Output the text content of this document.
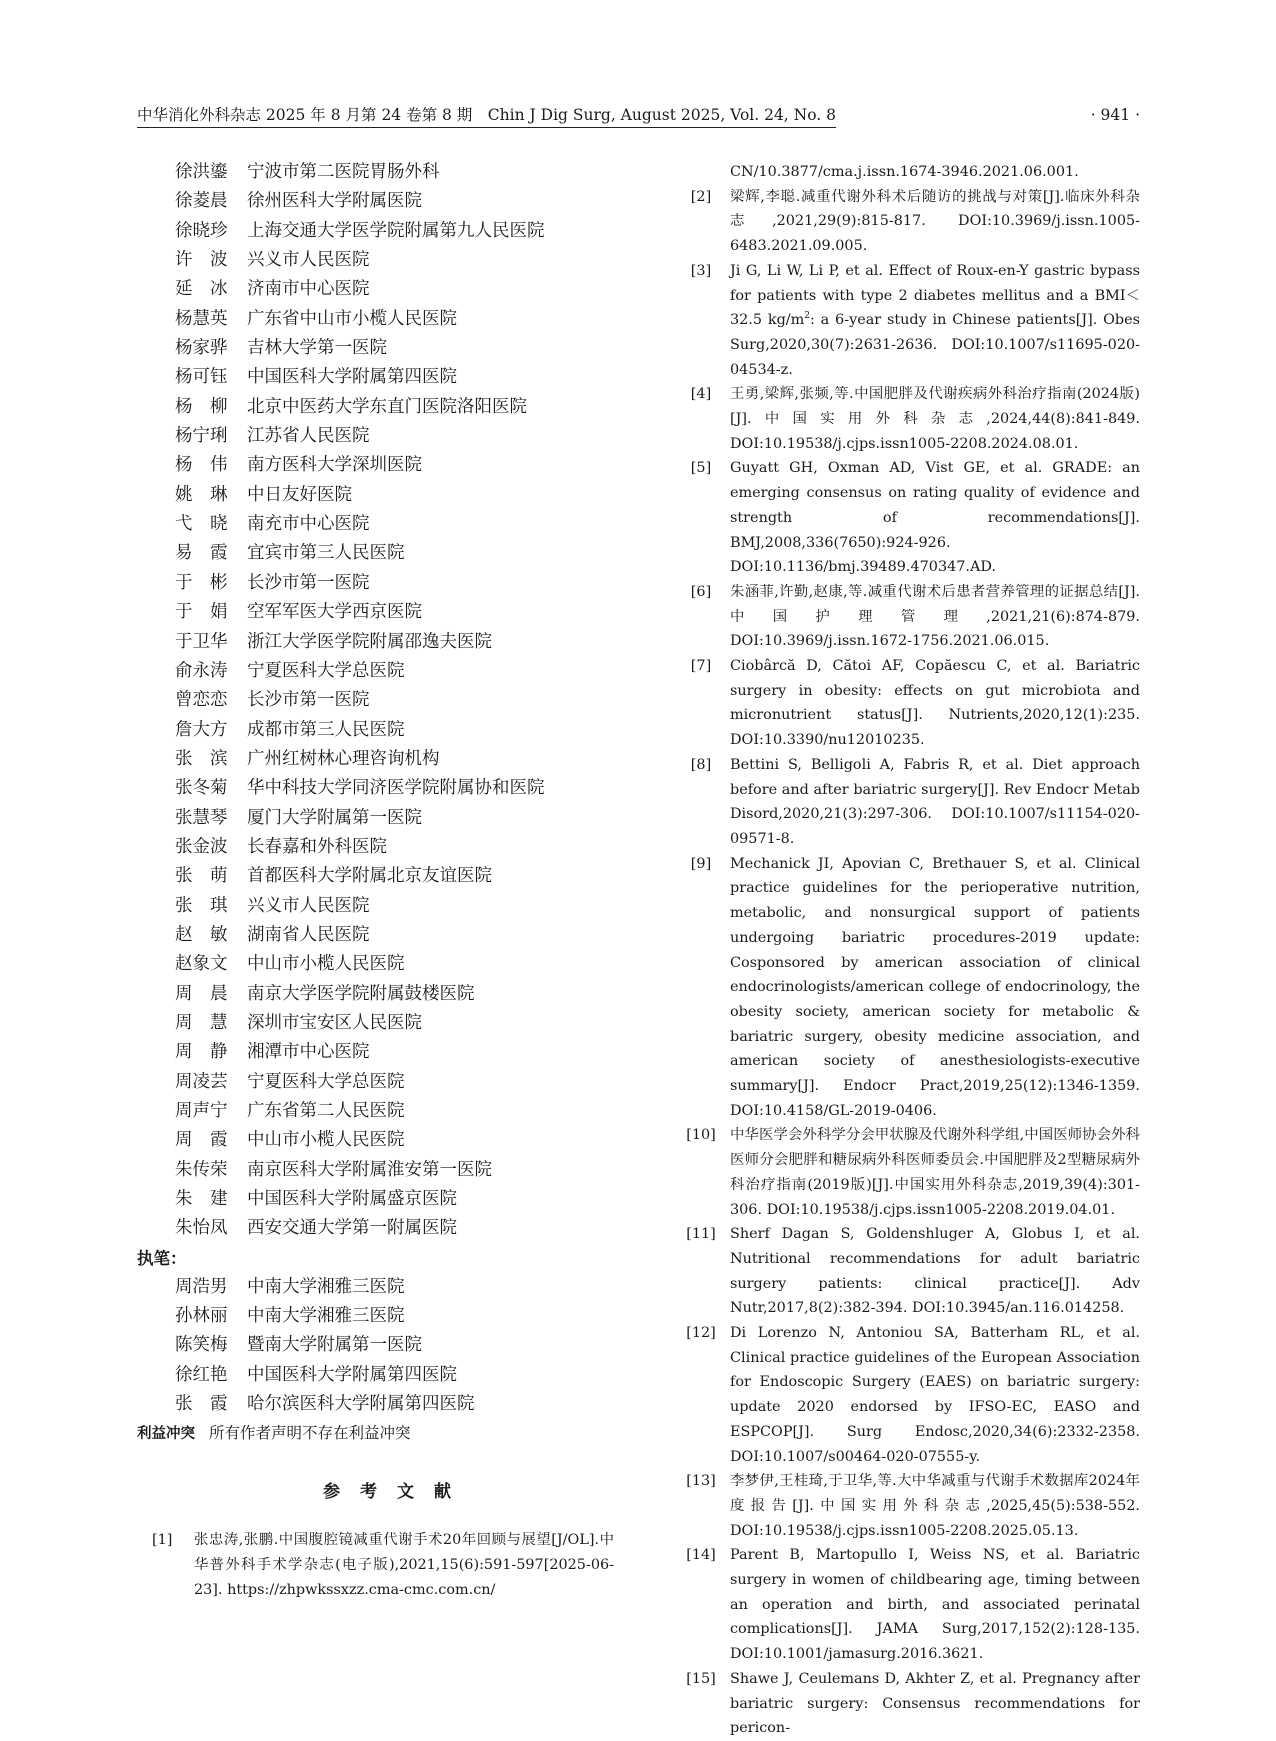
中华消化外科杂志 2025 年 8 月第 24 卷第 8 期　Chin J Dig Surg, August 2025, Vol. 24, No. 8	· 941 ·
徐洪鎏 宁波市第二医院胃肠外科
徐菱晨 徐州医科大学附属医院
徐晓珍 上海交通大学医学院附属第九人民医院
许　波 兴义市人民医院
延　冰 济南市中心医院
杨慧英 广东省中山市小榄人民医院
杨家骅 吉林大学第一医院
杨可钰 中国医科大学附属第四医院
杨　柳 北京中医药大学东直门医院洛阳医院
杨宁琍 江苏省人民医院
杨　伟 南方医科大学深圳医院
姚　琳 中日友好医院
弋　晓 南充市中心医院
易　霞 宜宾市第三人民医院
于　彬 长沙市第一医院
于　娟 空军军医大学西京医院
于卫华 浙江大学医学院附属邵逸夫医院
俞永涛 宁夏医科大学总医院
曾恋恋 长沙市第一医院
詹大方 成都市第三人民医院
张　滨 广州红树林心理咨询机构
张冬菊 华中科技大学同济医学院附属协和医院
张慧琴 厦门大学附属第一医院
张金波 长春嘉和外科医院
张　萌 首都医科大学附属北京友谊医院
张　琪 兴义市人民医院
赵　敏 湖南省人民医院
赵象文 中山市小榄人民医院
周　晨 南京大学医学院附属鼓楼医院
周　慧 深圳市宝安区人民医院
周　静 湘潭市中心医院
周凌芸 宁夏医科大学总医院
周声宁 广东省第二人民医院
周　霞 中山市小榄人民医院
朱传荣 南京医科大学附属淮安第一医院
朱　建 中国医科大学附属盛京医院
朱怡凤 西安交通大学第一附属医院
执笔：
周浩男 中南大学湘雅三医院
孙林丽 中南大学湘雅三医院
陈笑梅 暨南大学附属第一医院
徐红艳 中国医科大学附属第四医院
张　霞 哈尔滨医科大学附属第四医院
利益冲突 所有作者声明不存在利益冲突
参考文献
[1] 张忠涛,张鹏.中国腹腔镜减重代谢手术20年回顾与展望[J/OL].中华普外科手术学杂志(电子版),2021,15(6):591-597[2025-06-23]. https://zhpwkssxzz.cma-cmc.com.cn/
CN/10.3877/cma.j.issn.1674-3946.2021.06.001.
[2]	梁辉,李聪.减重代谢外科术后随访的挑战与对策[J].临床外科杂志,2021,29(9):815-817. DOI:10.3969/j.issn.1005-6483.2021.09.005.
[3]	Ji G, Li W, Li P, et al. Effect of Roux-en-Y gastric bypass for patients with type 2 diabetes mellitus and a BMI＜32.5 $kg/m^2$: a 6-year study in Chinese patients[J]. Obes Surg,2020,30(7):2631-2636. DOI:10.1007/s11695-020-04534-z.
[4]	王勇,梁辉,张频,等.中国肥胖及代谢疾病外科治疗指南(2024版)[J].中国实用外科杂志,2024,44(8):841-849. DOI:10.19538/j.cjps.issn1005-2208.2024.08.01.
[5]	Guyatt GH, Oxman AD, Vist GE, et al. GRADE: an emerging consensus on rating quality of evidence and strength of recommendations[J]. BMJ,2008,336(7650):924-926. DOI:10.1136/bmj.39489.470347.AD.
[6]	朱涵菲,许勤,赵康,等.减重代谢术后患者营养管理的证据总结[J].中国护理管理,2021,21(6):874-879. DOI:10.3969/j.issn.1672-1756.2021.06.015.
[7]	Ciobârcă D, Cătoi AF, Copăescu C, et al. Bariatric surgery in obesity: effects on gut microbiota and micronutrient status[J]. Nutrients,2020,12(1):235. DOI:10.3390/nu12010235.
[8]	Bettini S, Belligoli A, Fabris R, et al. Diet approach before and after bariatric surgery[J]. Rev Endocr Metab Disord,2020,21(3):297-306. DOI:10.1007/s11154-020-09571-8.
[9]	Mechanick JI, Apovian C, Brethauer S, et al. Clinical practice guidelines for the perioperative nutrition, metabolic, and nonsurgical support of patients undergoing bariatric procedures-2019 update: Cosponsored by american association of clinical endocrinologists/american college of endocrinology, the obesity society, american society for metabolic & bariatric surgery, obesity medicine association, and american society of anesthesiologists-executive summary[J]. Endocr Pract,2019,25(12):1346-1359. DOI:10.4158/GL-2019-0406.
[10] 中华医学会外科学分会甲状腺及代谢外科学组,中国医师协会外科医师分会肥胖和糖尿病外科医师委员会.中国肥胖及2型糖尿病外科治疗指南(2019版)[J].中国实用外科杂志,2019,39(4):301-306. DOI:10.19538/j.cjps.issn1005-2208.2019.04.01.
[11] Sherf Dagan S, Goldenshluger A, Globus I, et al. Nutritional recommendations for adult bariatric surgery patients: clinical practice[J]. Adv Nutr,2017,8(2):382-394. DOI:10.3945/an.116.014258.
[12] Di Lorenzo N, Antoniou SA, Batterham RL, et al. Clinical practice guidelines of the European Association for Endoscopic Surgery (EAES) on bariatric surgery: update 2020 endorsed by IFSO-EC, EASO and ESPCOP[J]. Surg Endosc,2020,34(6):2332-2358. DOI:10.1007/s00464-020-07555-y.
[13] 李梦伊,王桂琦,于卫华,等.大中华减重与代谢手术数据库2024年度报告[J].中国实用外科杂志,2025,45(5):538-552. DOI:10.19538/j.cjps.issn1005-2208.2025.05.13.
[14] Parent B, Martopullo I, Weiss NS, et al. Bariatric surgery in women of childbearing age, timing between an operation and birth, and associated perinatal complications[J]. JAMA Surg,2017,152(2):128-135. DOI:10.1001/jamasurg.2016.3621.
[15] Shawe J, Ceulemans D, Akhter Z, et al. Pregnancy after bariatric surgery: Consensus recommendations for pericon-
